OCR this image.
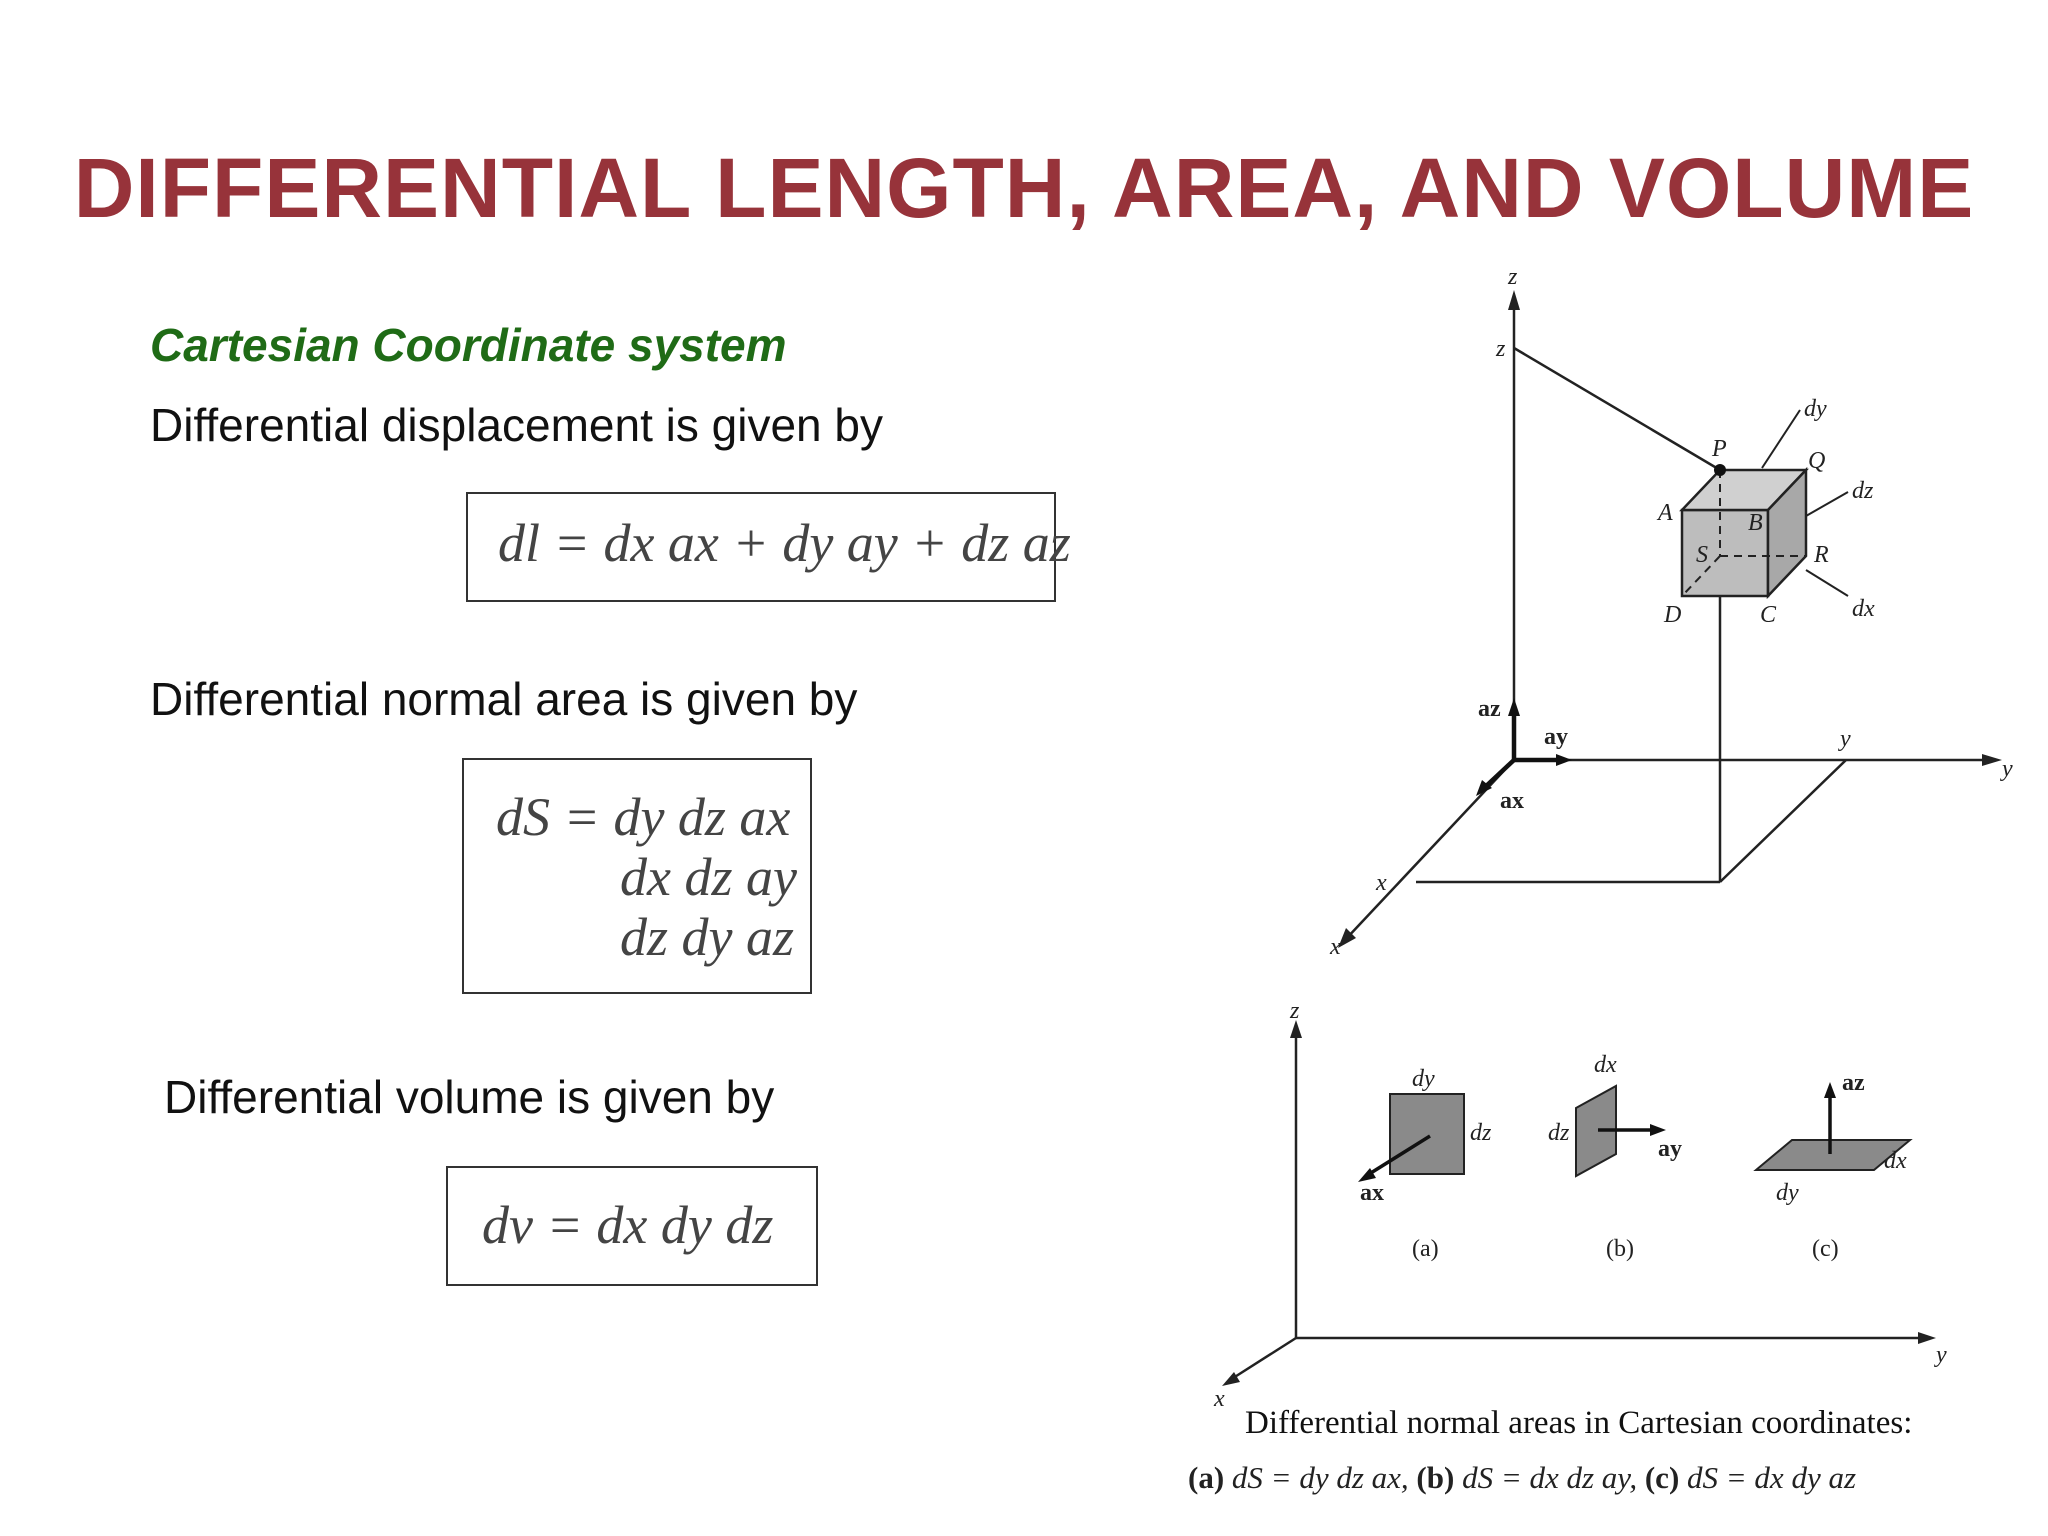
DIFFERENTIAL LENGTH, AREA, AND VOLUME
Cartesian Coordinate system
Differential displacement is given by
dl = dx ax + dy ay + dz az
Differential normal area is given by
dS = dy dz ax
dx dz ay
dz dy az
Differential volume is given by
dv = dx dy dz
z
z
y
y
x
x
P	Q
A	B
S	R
D	C
dy
dz
dx
az
ay
ax
z
y
x
dy
dz
ax
(a)
dx
dz
ay
(b)
az
dx
dy
(c)
Differential normal areas in Cartesian coordinates:
(a) dS = dy dz ax, (b) dS = dx dz ay, (c) dS = dx dy az
